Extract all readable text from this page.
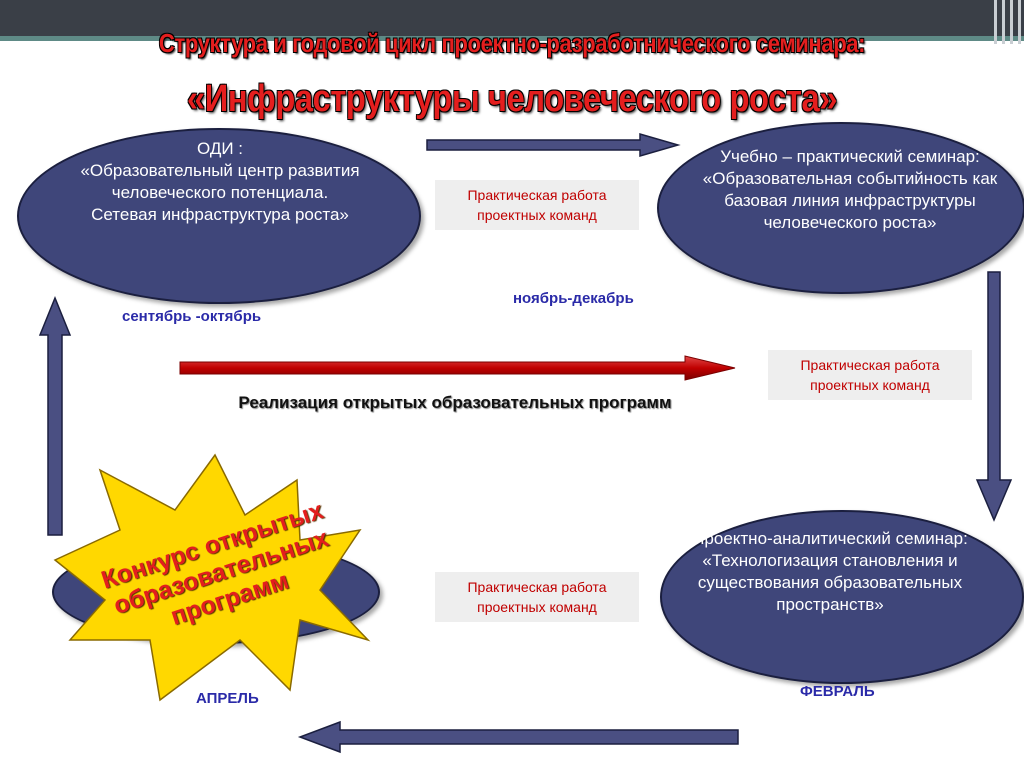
Структура и годовой цикл проектно-разработнического семинара:
«Инфраструктуры человеческого роста»
ОДИ :
«Образовательный центр развития человеческого потенциала.
Сетевая инфраструктура роста»
сентябрь -октябрь
Учебно – практический семинар:
«Образовательная событийность как базовая линия инфраструктуры человеческого роста»
ноябрь-декабрь
Проектно-аналитический семинар:
«Технологизация становления и существования образовательных пространств»
ФЕВРАЛЬ
Конкурс открытых образовательных программ
АПРЕЛЬ
Практическая работа проектных команд
Практическая работа проектных команд
Практическая работа проектных команд
Реализация открытых образовательных программ
